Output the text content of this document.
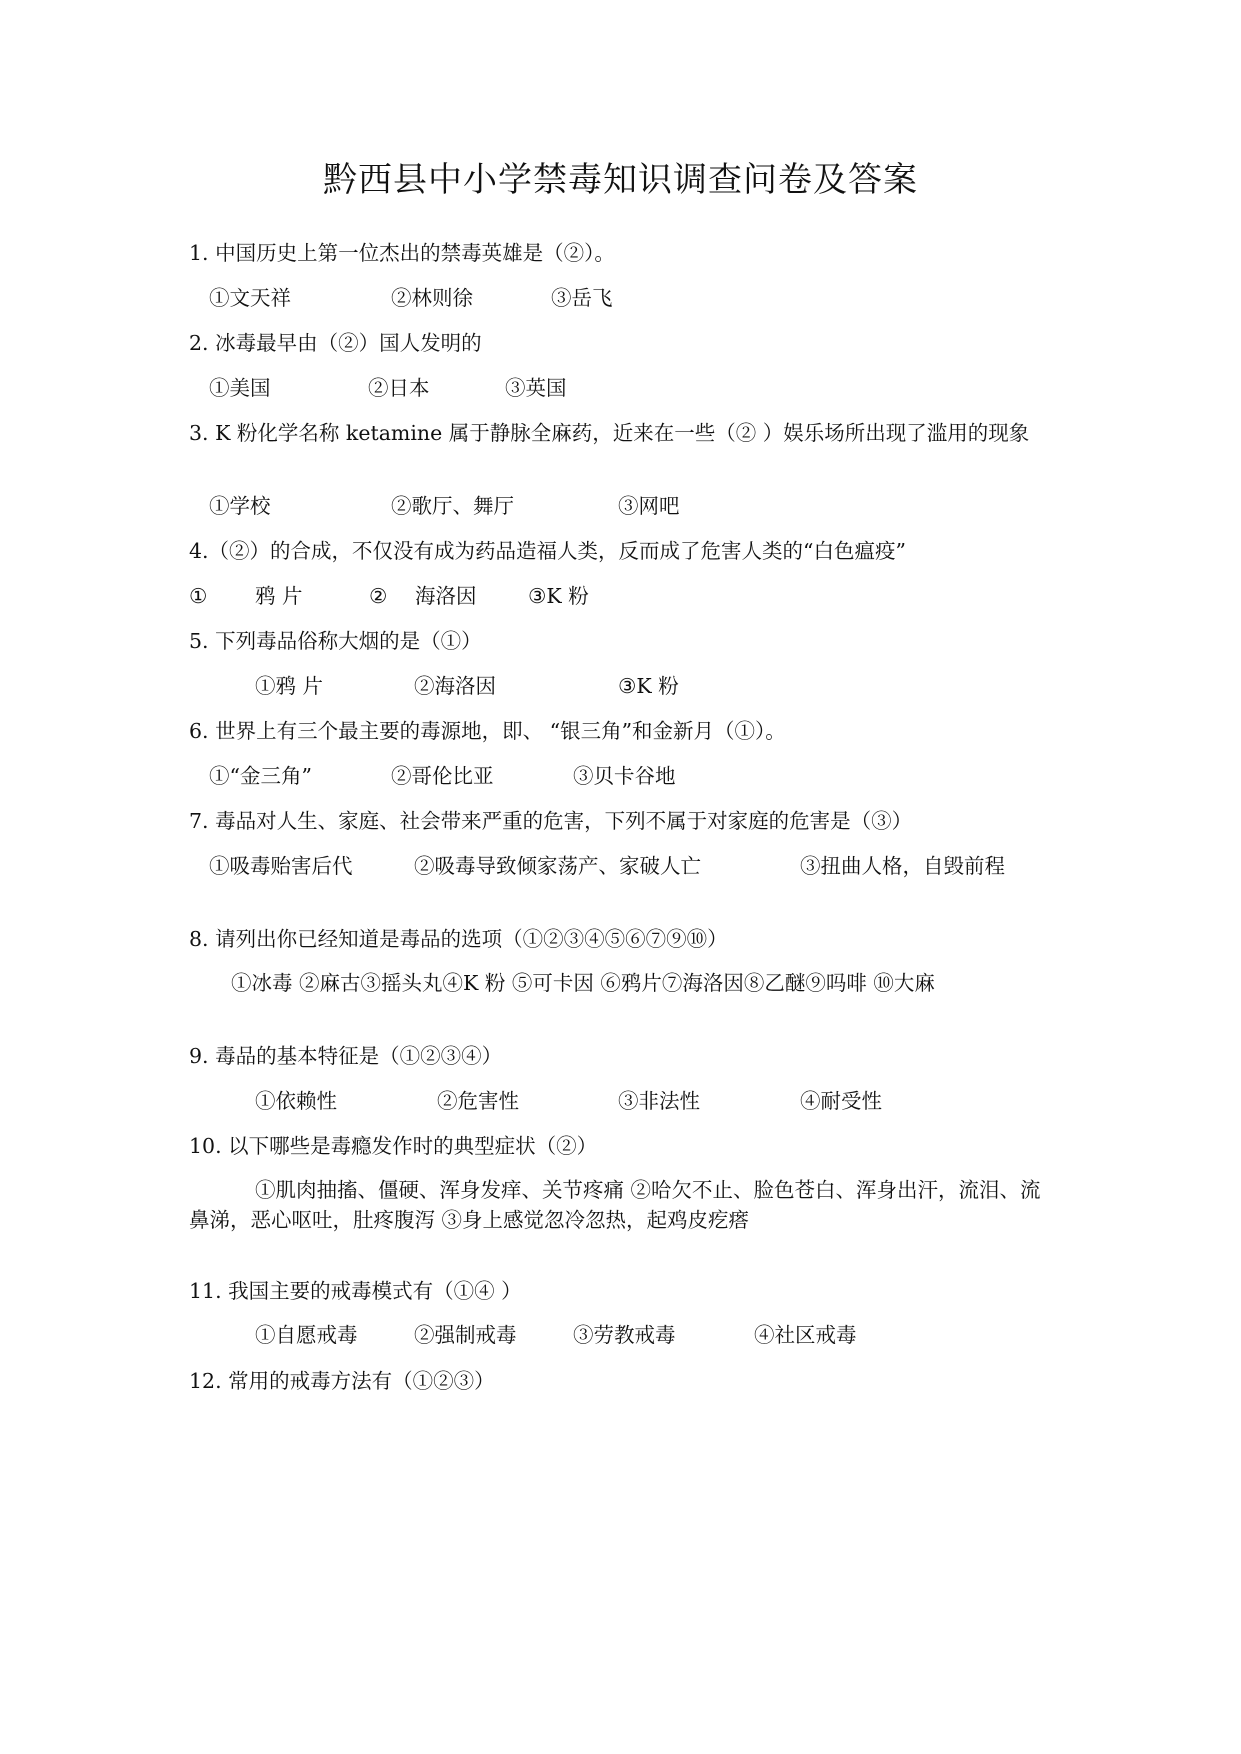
黔西县中小学禁毒知识调查问卷及答案
1. 中国历史上第一位杰出的禁毒英雄是（②）。
①文天祥	②林则徐	③岳飞
2. 冰毒最早由（②）国人发明的
①美国	②日本	③英国
3. K 粉化学名称 ketamine 属于静脉全麻药，近来在一些（② ）娱乐场所出现了滥用的现象
①学校	②歌厅、舞厅	③网吧
4.（②）的合成，不仅没有成为药品造福人类，反而成了危害人类的“白色瘟疫”
① 鸦 片	② 海洛因	③K 粉
5. 下列毒品俗称大烟的是（①）
①鸦 片	②海洛因	③K 粉
6. 世界上有三个最主要的毒源地，即、 “银三角”和金新月（①）。
①“金三角”	②哥伦比亚	③贝卡谷地
7. 毒品对人生、家庭、社会带来严重的危害，下列不属于对家庭的危害是（③）
①吸毒贻害后代	②吸毒导致倾家荡产、家破人亡	③扭曲人格，自毁前程
8. 请列出你已经知道是毒品的选项（①②③④⑤⑥⑦⑨⑩）
①冰毒 ②麻古③摇头丸④K 粉 ⑤可卡因 ⑥鸦片⑦海洛因⑧乙醚⑨吗啡 ⑩大麻
9. 毒品的基本特征是（①②③④）
①依赖性	②危害性	③非法性	④耐受性
10. 以下哪些是毒瘾发作时的典型症状（②）
①肌肉抽搐、僵硬、浑身发痒、关节疼痛 ②哈欠不止、脸色苍白、浑身出汗，流泪、流鼻涕，恶心呕吐，肚疼腹泻 ③身上感觉忽冷忽热，起鸡皮疙瘩
11. 我国主要的戒毒模式有（①④ ）
①自愿戒毒	②强制戒毒	③劳教戒毒	④社区戒毒
12. 常用的戒毒方法有（①②③）
